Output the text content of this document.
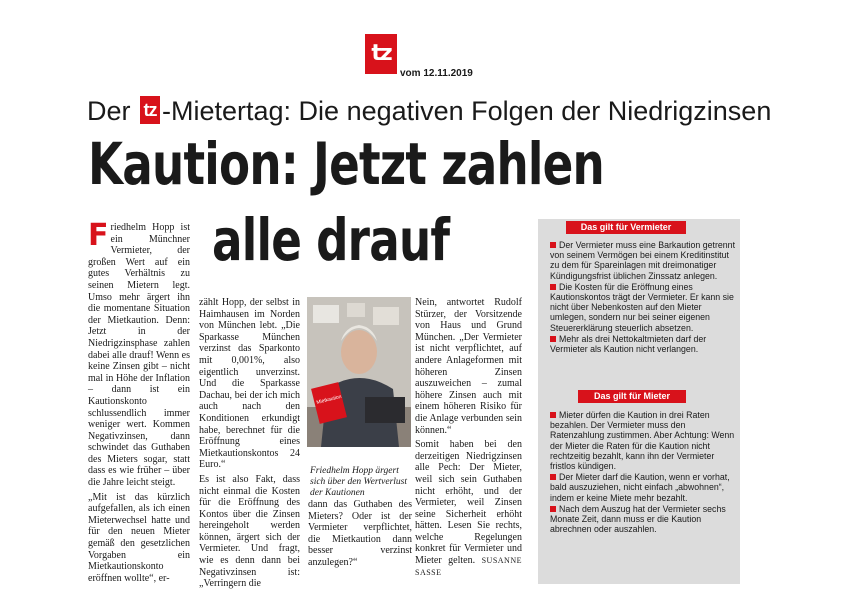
tz
vom 12.11.2019
Der tz -Mietertag: Die negativen Folgen der Niedrigzinsen
Kaution: Jetzt zahlen
alle drauf

Friedhelm Hopp ist ein Münchner Vermieter, der großen Wert auf ein gutes Verhältnis zu seinen Mietern legt. Umso mehr ärgert ihn die momentane Situation der Mietkaution. Denn: Jetzt in der Niedrigzinsphase zahlen dabei alle drauf! Wenn es keine Zinsen gibt – nicht mal in Höhe der Inflation – dann ist ein Kautionskonto schlussendlich immer weniger wert. Kommen Negativzinsen, dann schwindet das Guthaben des Mieters sogar, statt dass es wie früher – über die Jahre leicht steigt.

„Mit ist das kürzlich aufgefallen, als ich einen Mieterwechsel hatte und für den neuen Mieter gemäß den gesetzlichen Vorgaben ein Mietkautionskonto eröffnen wollte“, er-

zählt Hopp, der selbst in Haimhausen im Norden von München lebt. „Die Sparkasse München verzinst das Sparkonto mit 0,001%, also eigentlich unverzinst. Und die Sparkasse Dachau, bei der ich mich auch nach den Konditionen erkundigt habe, berechnet für die Eröffnung eines Mietkautionskontos 24 Euro.“

Es ist also Fakt, dass nicht einmal die Kosten für die Eröffnung des Kontos über die Zinsen hereingeholt werden können, ärgert sich der Vermieter. Und fragt, wie es denn dann bei Negativzinsen ist: „Verringern die

Mietkaution
Friedhelm Hopp ärgert sich über den Wertverlust der Kautionen

dann das Guthaben des Mieters? Oder ist der Vermieter verpflichtet, die Mietkaution dann besser verzinst anzulegen?“

Nein, antwortet Rudolf Stürzer, der Vorsitzende von Haus und Grund München. „Der Vermieter ist nicht verpflichtet, auf andere Anlageformen mit höheren Zinsen auszuweichen – zumal höhere Zinsen auch mit einem höheren Risiko für die Anlage verbunden sein können.“

Somit haben bei den derzeitigen Niedrigzinsen alle Pech: Der Mieter, weil sich sein Guthaben nicht erhöht, und der Vermieter, weil Zinsen seine Sicherheit erhöht hätten. Lesen Sie rechts, welche Regelungen konkret für Vermieter und Mieter gelten. SUSANNE SASSE

Das gilt für Vermieter

Der Vermieter muss eine Barkaution getrennt von seinem Vermögen bei einem Kreditinstitut zu dem für Spareinlagen mit dreimonatiger Kündigungsfrist üblichen Zinssatz anlegen.

Die Kosten für die Eröffnung eines Kautionskontos trägt der Vermieter. Er kann sie nicht über Nebenkosten auf den Mieter umlegen, sondern nur bei seiner eigenen Steuererklärung steuerlich absetzen.

Mehr als drei Nettokaltmieten darf der Vermieter als Kaution nicht verlangen.

Das gilt für Mieter

Mieter dürfen die Kaution in drei Raten bezahlen. Der Vermieter muss den Ratenzahlung zustimmen. Aber Achtung: Wenn der Mieter die Raten für die Kaution nicht rechtzeitig bezahlt, kann ihn der Vermieter fristlos kündigen.

Der Mieter darf die Kaution, wenn er vorhat, bald auszuziehen, nicht einfach „abwohnen“, indem er keine Miete mehr bezahlt.

Nach dem Auszug hat der Vermieter sechs Monate Zeit, dann muss er die Kaution abrechnen oder auszahlen.
